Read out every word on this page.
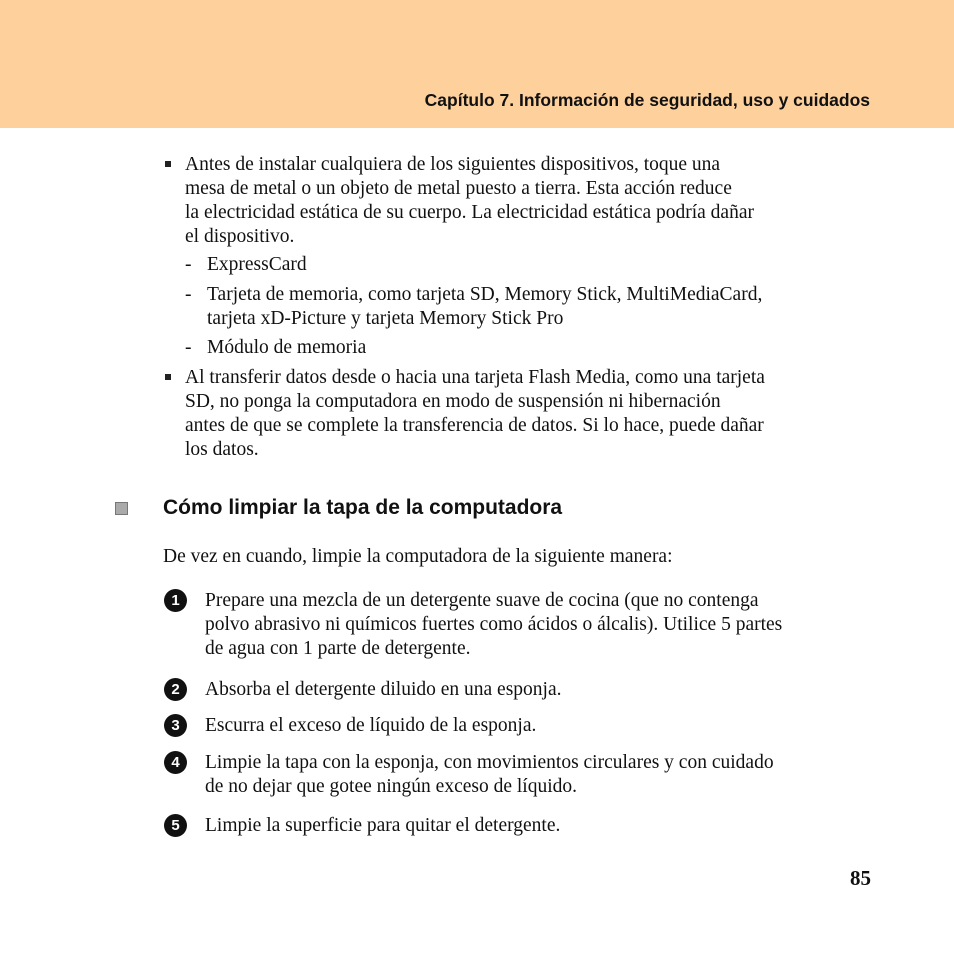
Capítulo 7. Información de seguridad, uso y cuidados
Antes de instalar cualquiera de los siguientes dispositivos, toque una
mesa de metal o un objeto de metal puesto a tierra. Esta acción reduce
la electricidad estática de su cuerpo. La electricidad estática podría dañar
el dispositivo.
- ExpressCard
- Tarjeta de memoria, como tarjeta SD, Memory Stick, MultiMediaCard,
tarjeta xD-Picture y tarjeta Memory Stick Pro
- Módulo de memoria
Al transferir datos desde o hacia una tarjeta Flash Media, como una tarjeta
SD, no ponga la computadora en modo de suspensión ni hibernación
antes de que se complete la transferencia de datos. Si lo hace, puede dañar
los datos.
Cómo limpiar la tapa de la computadora
De vez en cuando, limpie la computadora de la siguiente manera:
1	Prepare una mezcla de un detergente suave de cocina (que no contenga
polvo abrasivo ni químicos fuertes como ácidos o álcalis). Utilice 5 partes
de agua con 1 parte de detergente.
2	Absorba el detergente diluido en una esponja.
3	Escurra el exceso de líquido de la esponja.
4	Limpie la tapa con la esponja, con movimientos circulares y con cuidado
de no dejar que gotee ningún exceso de líquido.
5	Limpie la superficie para quitar el detergente.
85
